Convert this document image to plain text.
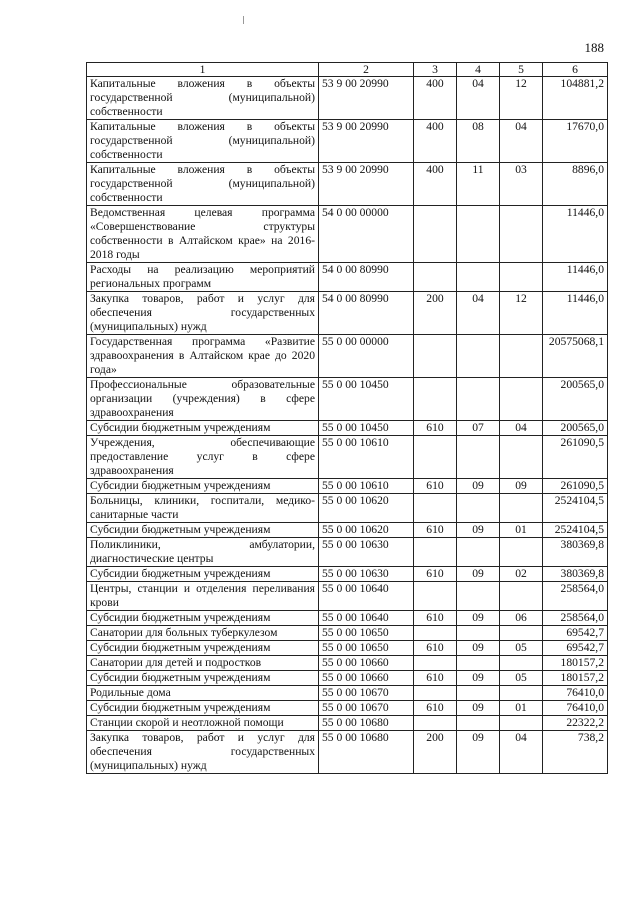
188
1	2	3	4	5	6
Капитальные вложения в объекты государственной (муниципальной) собственности	53 9 00 20990	400	04	12	104881,2
Капитальные вложения в объекты государственной (муниципальной) собственности	53 9 00 20990	400	08	04	17670,0
Капитальные вложения в объекты государственной (муниципальной) собственности	53 9 00 20990	400	11	03	8896,0
Ведомственная целевая программа «Совершенствование структуры собственности в Алтайском крае» на 2016-2018 годы	54 0 00 00000				11446,0
Расходы на реализацию мероприятий региональных программ	54 0 00 80990				11446,0
Закупка товаров, работ и услуг для обеспечения государственных (муниципальных) нужд	54 0 00 80990	200	04	12	11446,0
Государственная программа «Развитие здравоохранения в Алтайском крае до 2020 года»	55 0 00 00000				20575068,1
Профессиональные образовательные организации (учреждения) в сфере здравоохранения	55 0 00 10450				200565,0
Субсидии бюджетным учреждениям	55 0 00 10450	610	07	04	200565,0
Учреждения, обеспечивающие предоставление услуг в сфере здравоохранения	55 0 00 10610				261090,5
Субсидии бюджетным учреждениям	55 0 00 10610	610	09	09	261090,5
Больницы, клиники, госпитали, медико-санитарные части	55 0 00 10620				2524104,5
Субсидии бюджетным учреждениям	55 0 00 10620	610	09	01	2524104,5
Поликлиники, амбулатории, диагностические центры	55 0 00 10630				380369,8
Субсидии бюджетным учреждениям	55 0 00 10630	610	09	02	380369,8
Центры, станции и отделения переливания крови	55 0 00 10640				258564,0
Субсидии бюджетным учреждениям	55 0 00 10640	610	09	06	258564,0
Санатории для больных туберкулезом	55 0 00 10650				69542,7
Субсидии бюджетным учреждениям	55 0 00 10650	610	09	05	69542,7
Санатории для детей и подростков	55 0 00 10660				180157,2
Субсидии бюджетным учреждениям	55 0 00 10660	610	09	05	180157,2
Родильные дома	55 0 00 10670				76410,0
Субсидии бюджетным учреждениям	55 0 00 10670	610	09	01	76410,0
Станции скорой и неотложной помощи	55 0 00 10680				22322,2
Закупка товаров, работ и услуг для обеспечения государственных (муниципальных) нужд	55 0 00 10680	200	09	04	738,2
